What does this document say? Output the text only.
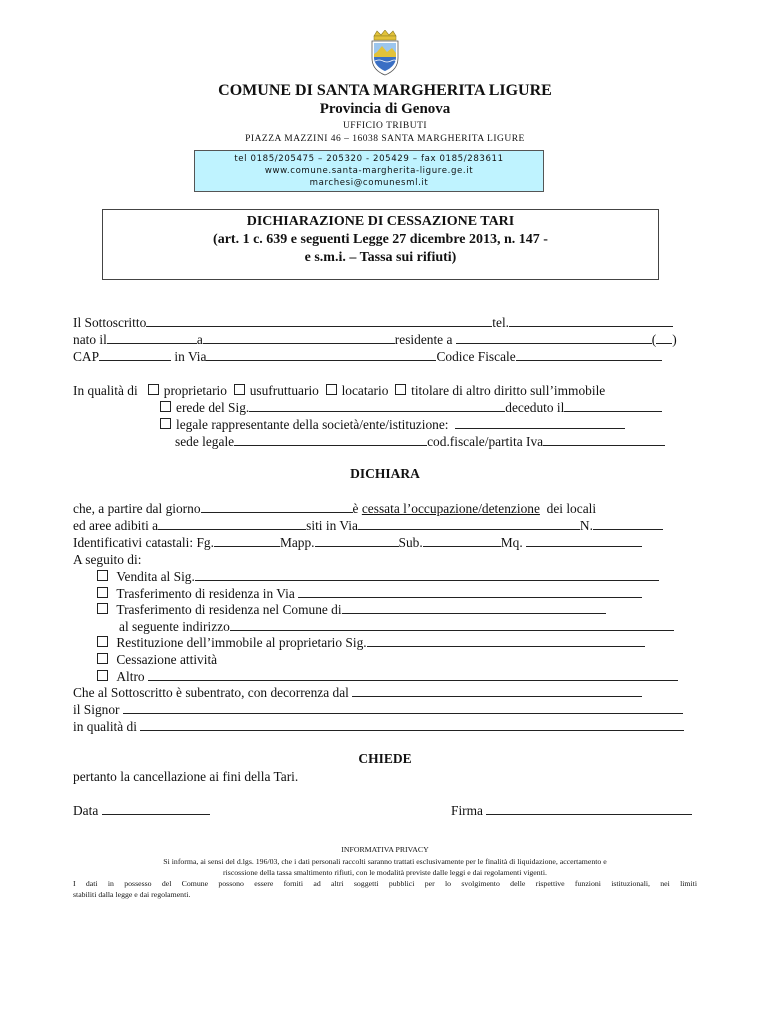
COMUNE DI SANTA MARGHERITA LIGURE
Provincia di Genova
UFFICIO TRIBUTI
PIAZZA MAZZINI 46 – 16038 SANTA MARGHERITA LIGURE
tel 0185/205475 – 205320 - 205429 – fax 0185/283611
www.comune.santa-margherita-ligure.ge.it
marchesi@comunesml.it
DICHIARAZIONE DI CESSAZIONE TARI
(art. 1 c. 639 e seguenti Legge 27 dicembre 2013, n. 147 -
e s.m.i. – Tassa sui rifiuti)
Il Sottoscritto	tel.
nato il	a	residente a	( )
CAP	in Via	Codice Fiscale
In qualità di proprietario usufruttuario locatario titolare di altro diritto sull’immobile
erede del Sig.	deceduto il
legale rappresentante della società/ente/istituzione:
sede legale	cod.fiscale/partita Iva
DICHIARA
che, a partire dal giorno	è cessata l’occupazione/detenzione dei locali
ed aree adibiti a	siti in Via	N.
Identificativi catastali: Fg.	Mapp.	Sub.	Mq.
A seguito di:
Vendita al Sig.
Trasferimento di residenza in Via
Trasferimento di residenza nel Comune di
al seguente indirizzo
Restituzione dell’immobile al proprietario Sig.
Cessazione attività
Altro
Che al Sottoscritto è subentrato, con decorrenza dal
il Signor
in qualità di
CHIEDE
pertanto la cancellazione ai fini della Tari.
Data	Firma
INFORMATIVA PRIVACY
Si informa, ai sensi del d.lgs. 196/03, che i dati personali raccolti saranno trattati esclusivamente per le finalità di liquidazione, accertamento e
riscossione della tassa smaltimento rifiuti, con le modalità previste dalle leggi e dai regolamenti vigenti.
I dati in possesso del Comune possono essere forniti ad altri soggetti pubblici per lo svolgimento delle rispettive funzioni istituzionali, nei limiti
stabiliti dalla legge e dai regolamenti.
